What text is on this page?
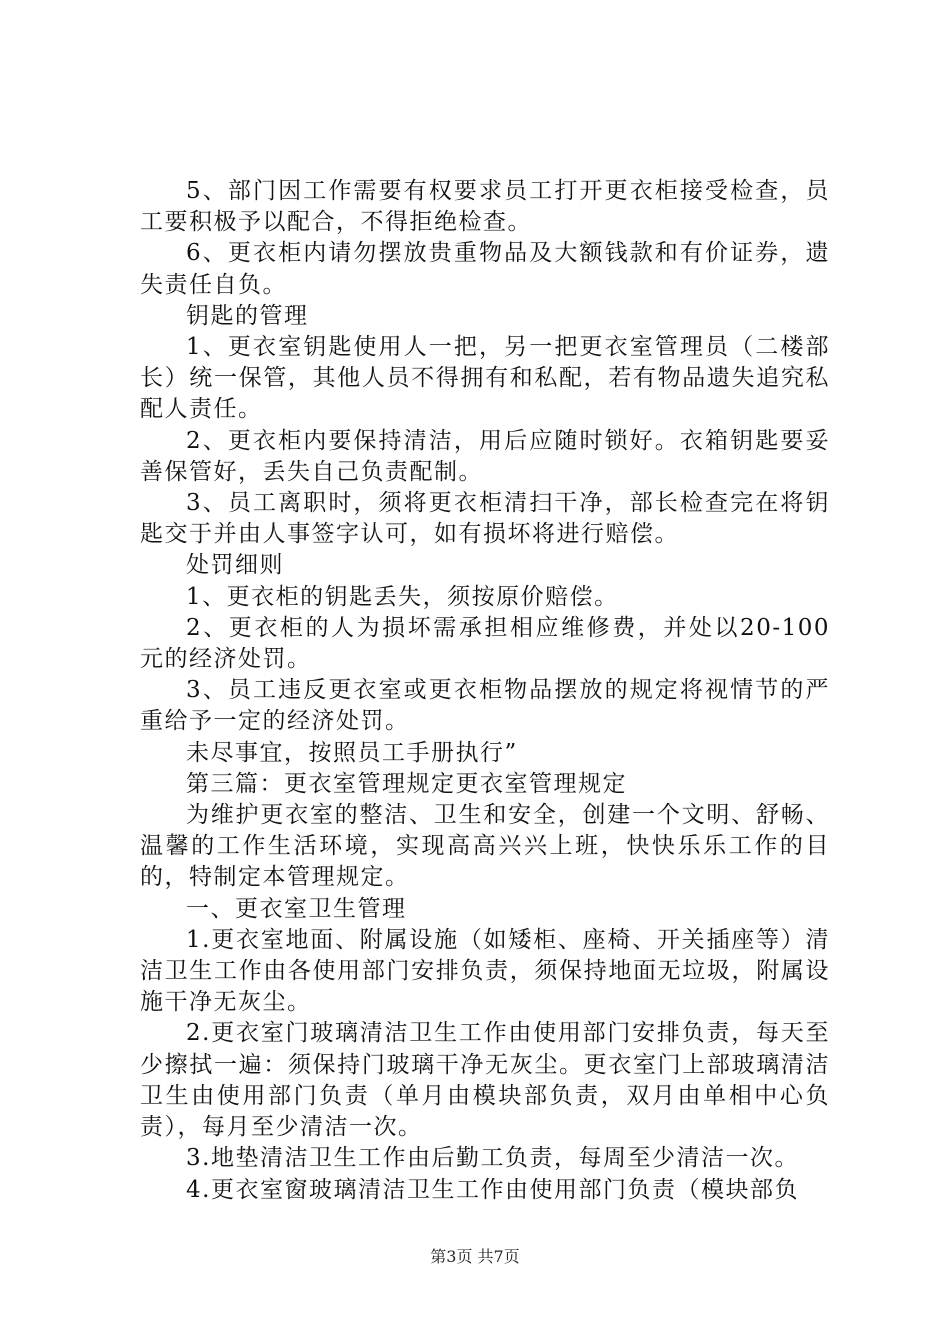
5、部门因工作需要有权要求员工打开更衣柜接受检查，员工要积极予以配合，不得拒绝检查。

6、更衣柜内请勿摆放贵重物品及大额钱款和有价证券，遗失责任自负。

钥匙的管理

1、更衣室钥匙使用人一把，另一把更衣室管理员（二楼部长）统一保管，其他人员不得拥有和私配，若有物品遗失追究私配人责任。

2、更衣柜内要保持清洁，用后应随时锁好。衣箱钥匙要妥善保管好，丢失自己负责配制。

3、员工离职时，须将更衣柜清扫干净，部长检查完在将钥匙交于并由人事签字认可，如有损坏将进行赔偿。

处罚细则

1、更衣柜的钥匙丢失，须按原价赔偿。

2、更衣柜的人为损坏需承担相应维修费，并处以20-100元的经济处罚。

3、员工违反更衣室或更衣柜物品摆放的规定将视情节的严重给予一定的经济处罚。

未尽事宜，按照员工手册执行”

第三篇：更衣室管理规定更衣室管理规定

为维护更衣室的整洁、卫生和安全，创建一个文明、舒畅、温馨的工作生活环境，实现高高兴兴上班，快快乐乐工作的目的，特制定本管理规定。

一、更衣室卫生管理

1.更衣室地面、附属设施（如矮柜、座椅、开关插座等）清洁卫生工作由各使用部门安排负责，须保持地面无垃圾，附属设施干净无灰尘。

2.更衣室门玻璃清洁卫生工作由使用部门安排负责，每天至少擦拭一遍：须保持门玻璃干净无灰尘。更衣室门上部玻璃清洁卫生由使用部门负责（单月由模块部负责，双月由单相中心负责），每月至少清洁一次。

3.地垫清洁卫生工作由后勤工负责，每周至少清洁一次。

4.更衣室窗玻璃清洁卫生工作由使用部门负责（模块部负

第3页 共7页
